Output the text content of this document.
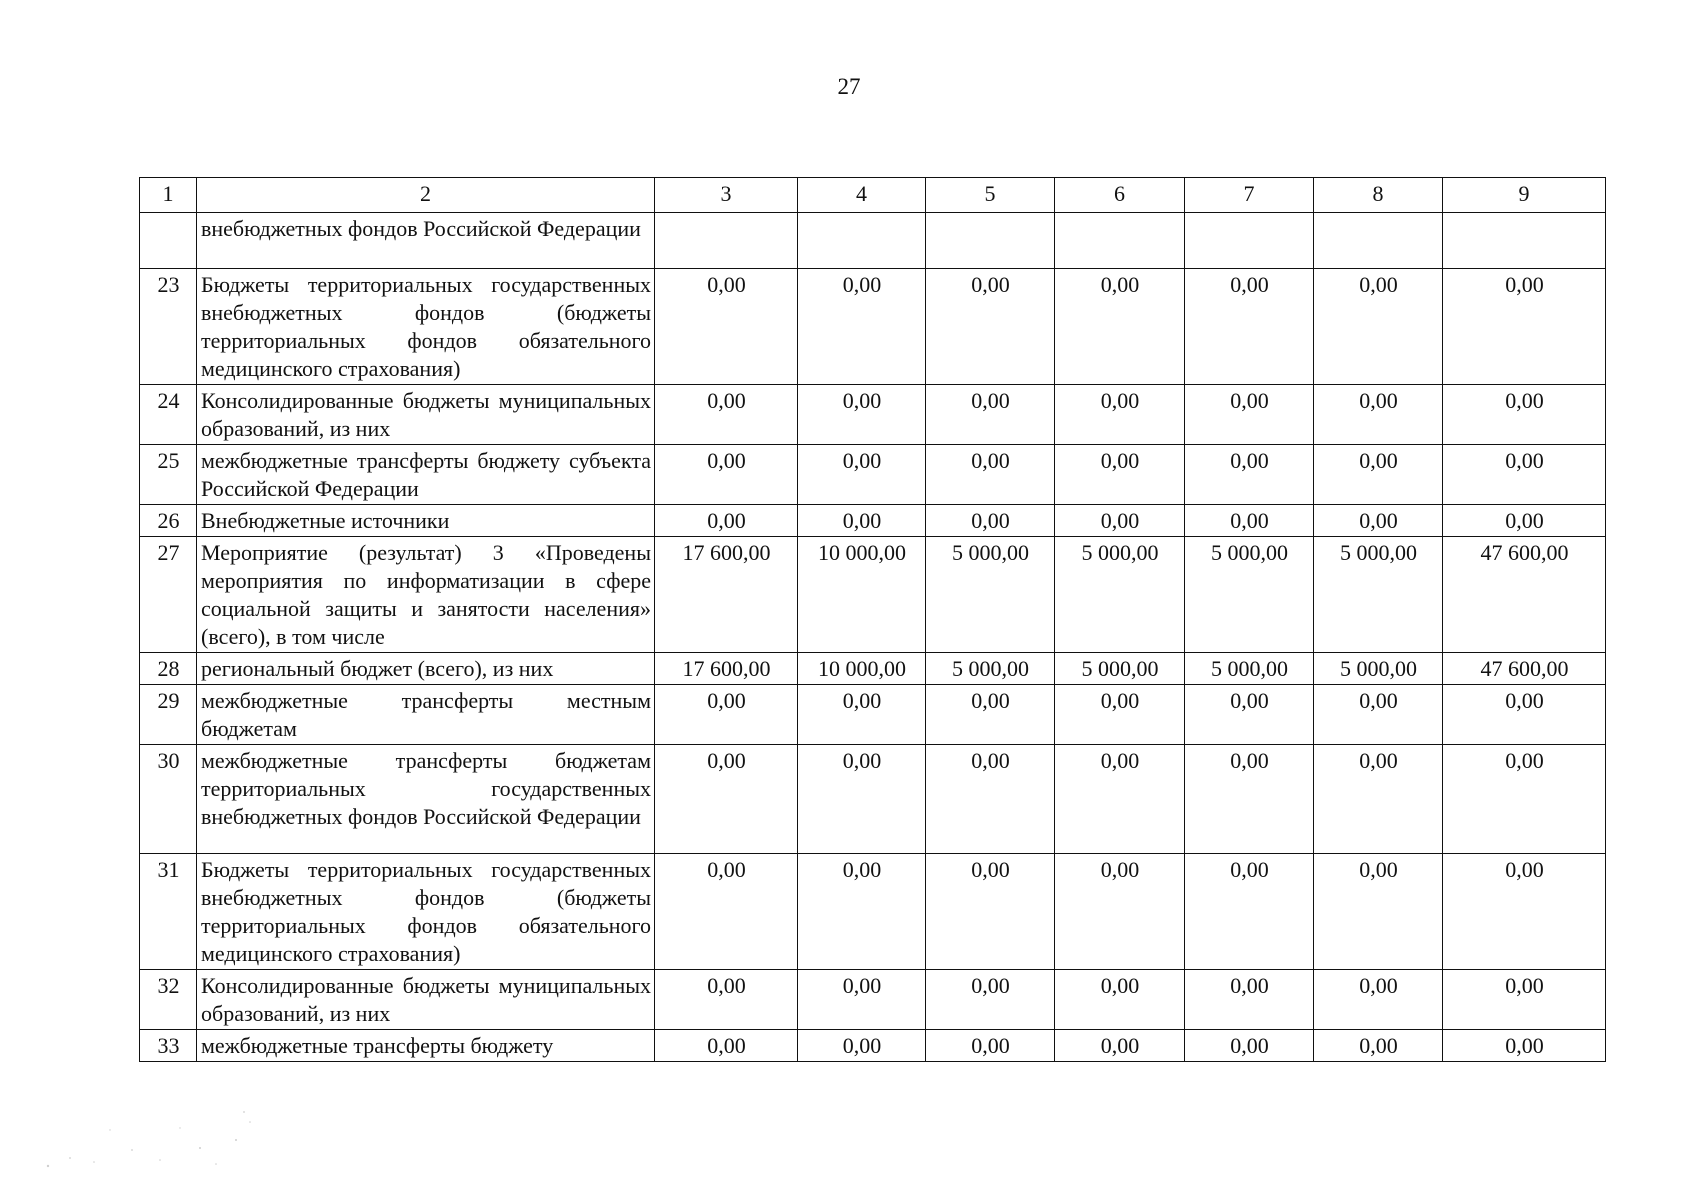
27
1	2	3	4	5	6	7	8	9
	внебюджетных фондов Российской Федерации							
23	Бюджеты территориальных государственных внебюджетных фондов (бюджеты территориальных фондов обязательного медицинского страхования)	0,00	0,00	0,00	0,00	0,00	0,00	0,00
24	Консолидированные бюджеты муниципальных образований, из них	0,00	0,00	0,00	0,00	0,00	0,00	0,00
25	межбюджетные трансферты бюджету субъекта Российской Федерации	0,00	0,00	0,00	0,00	0,00	0,00	0,00
26	Внебюджетные источники	0,00	0,00	0,00	0,00	0,00	0,00	0,00
27	Мероприятие (результат) 3 «Проведены мероприятия по информатизации в сфере социальной защиты и занятости населения» (всего), в том числе	17 600,00	10 000,00	5 000,00	5 000,00	5 000,00	5 000,00	47 600,00
28	региональный бюджет (всего), из них	17 600,00	10 000,00	5 000,00	5 000,00	5 000,00	5 000,00	47 600,00
29	межбюджетные трансферты местным бюджетам	0,00	0,00	0,00	0,00	0,00	0,00	0,00
30	межбюджетные трансферты бюджетам территориальных государственных внебюджетных фондов Российской Федерации	0,00	0,00	0,00	0,00	0,00	0,00	0,00
31	Бюджеты территориальных государственных внебюджетных фондов (бюджеты территориальных фондов обязательного медицинского страхования)	0,00	0,00	0,00	0,00	0,00	0,00	0,00
32	Консолидированные бюджеты муниципальных образований, из них	0,00	0,00	0,00	0,00	0,00	0,00	0,00
33	межбюджетные трансферты бюджету	0,00	0,00	0,00	0,00	0,00	0,00	0,00
